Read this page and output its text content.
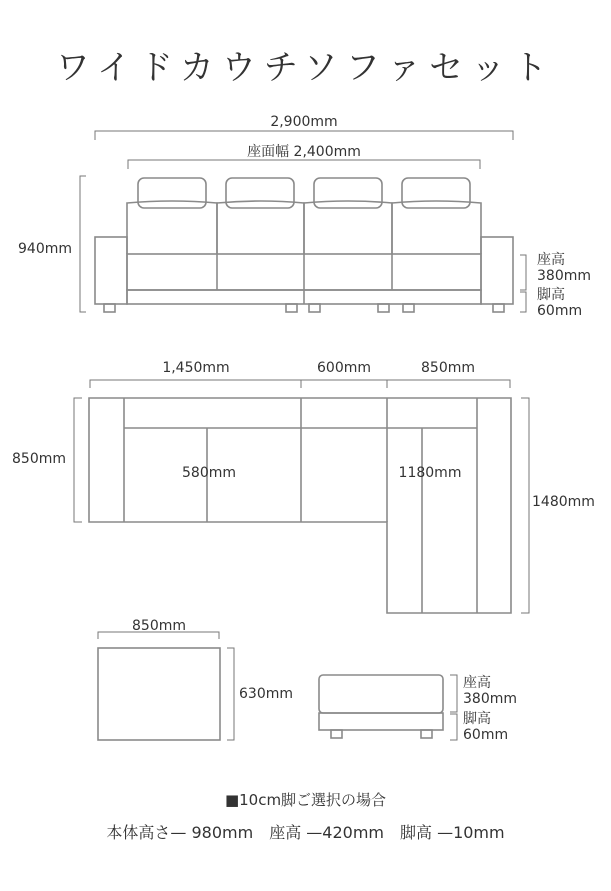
ワイドカウチソファセット
2,900mm
座面幅 2,400mm
940mm
座高
380mm
脚高
60mm
1,450mm	600mm	850mm
850mm
580mm	1180mm
1480mm
850mm
630mm
座高
380mm
脚高
60mm
■10cm脚ご選択の場合
本体高さ— 980mm　座高 —420mm　脚高 —10mm
